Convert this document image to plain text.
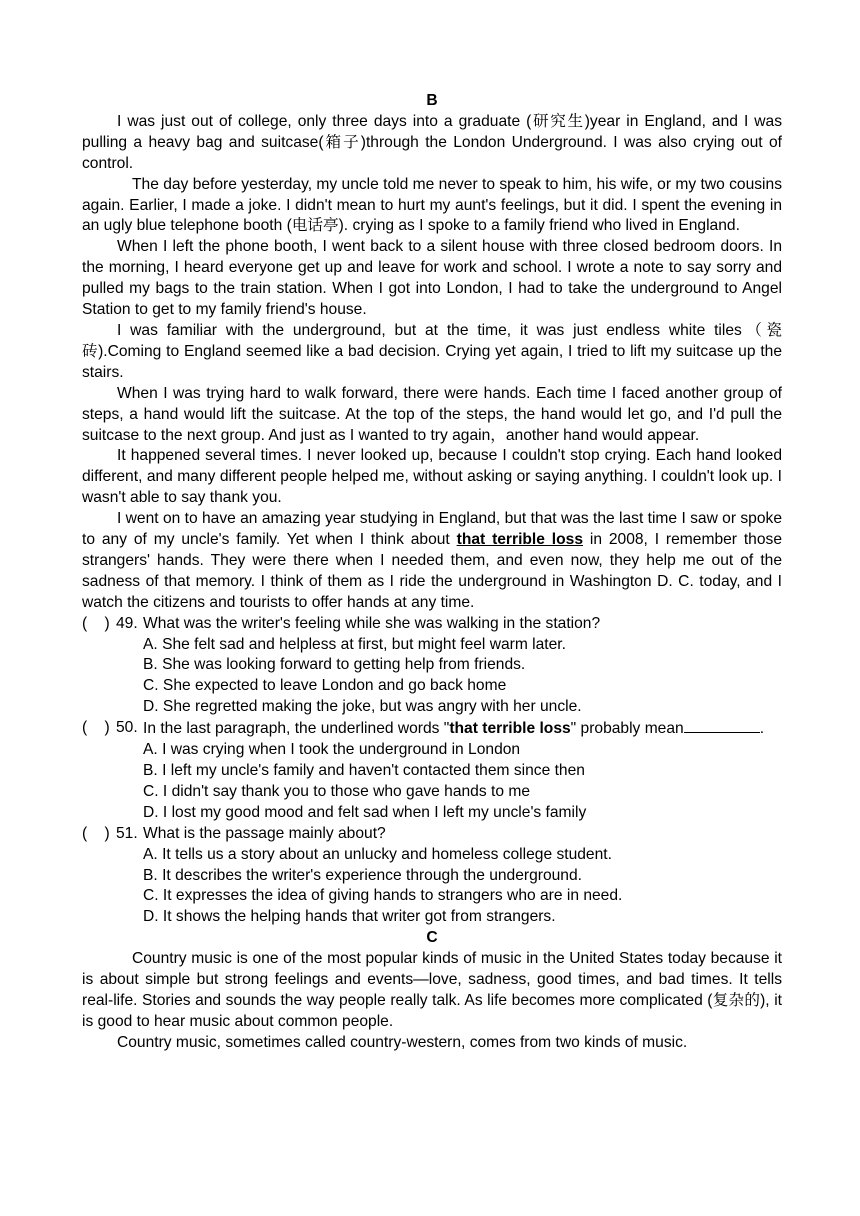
B

I was just out of college, only three days into a graduate (研究生)year in England, and I was pulling a heavy bag and suitcase(箱子)through the London Underground. I was also crying out of control.

The day before yesterday, my uncle told me never to speak to him, his wife, or my two cousins again. Earlier, I made a joke. I didn't mean to hurt my aunt's feelings, but it did. I spent the evening in an ugly blue telephone booth (电话亭). crying as I spoke to a family friend who lived in England.

When I left the phone booth, I went back to a silent house with three closed bedroom doors. In the morning, I heard everyone get up and leave for work and school. I wrote a note to say sorry and pulled my bags to the train station. When I got into London, I had to take the underground to Angel Station to get to my family friend's house.

I was familiar with the underground, but at the time, it was just endless white tiles（瓷砖).Coming to England seemed like a bad decision. Crying yet again, I tried to lift my suitcase up the stairs.

When I was trying hard to walk forward, there were hands. Each time I faced another group of steps, a hand would lift the suitcase. At the top of the steps, the hand would let go, and I'd pull the suitcase to the next group. And just as I wanted to try again，another hand would appear.

It happened several times. I never looked up, because I couldn't stop crying. Each hand looked different, and many different people helped me, without asking or saying anything. I couldn't look up. I wasn't able to say thank you.

I went on to have an amazing year studying in England, but that was the last time I saw or spoke to any of my uncle's family. Yet when I think about that terrible loss in 2008, I remember those strangers' hands. They were there when I needed them, and even now, they help me out of the sadness of that memory. I think of them as I ride the underground in Washington D. C. today, and I watch the citizens and tourists to offer hands at any time.

(    ) 49. What was the writer's feeling while she was walking in the station?
A. She felt sad and helpless at first, but might feel warm later.
B. She was looking forward to getting help from friends.
C. She expected to leave London and go back home
D. She regretted making the joke, but was angry with her uncle.
(    ) 50. In the last paragraph, the underlined words "that terrible loss" probably mean	.
A. I was crying when I took the underground in London
B. I left my uncle's family and haven't contacted them since then
C. I didn't say thank you to those who gave hands to me
D. I lost my good mood and felt sad when I left my uncle's family
(    ) 51. What is the passage mainly about?
A. It tells us a story about an unlucky and homeless college student.
B. It describes the writer's experience through the underground.
C. It expresses the idea of giving hands to strangers who are in need.
D. It shows the helping hands that writer got from strangers.
C

Country music is one of the most popular kinds of music in the United States today because it is about simple but strong feelings and events—love, sadness, good times, and bad times. It tells real-life. Stories and sounds the way people really talk. As life becomes more complicated (复杂的), it is good to hear music about common people.

Country music, sometimes called country-western, comes from two kinds of music.
